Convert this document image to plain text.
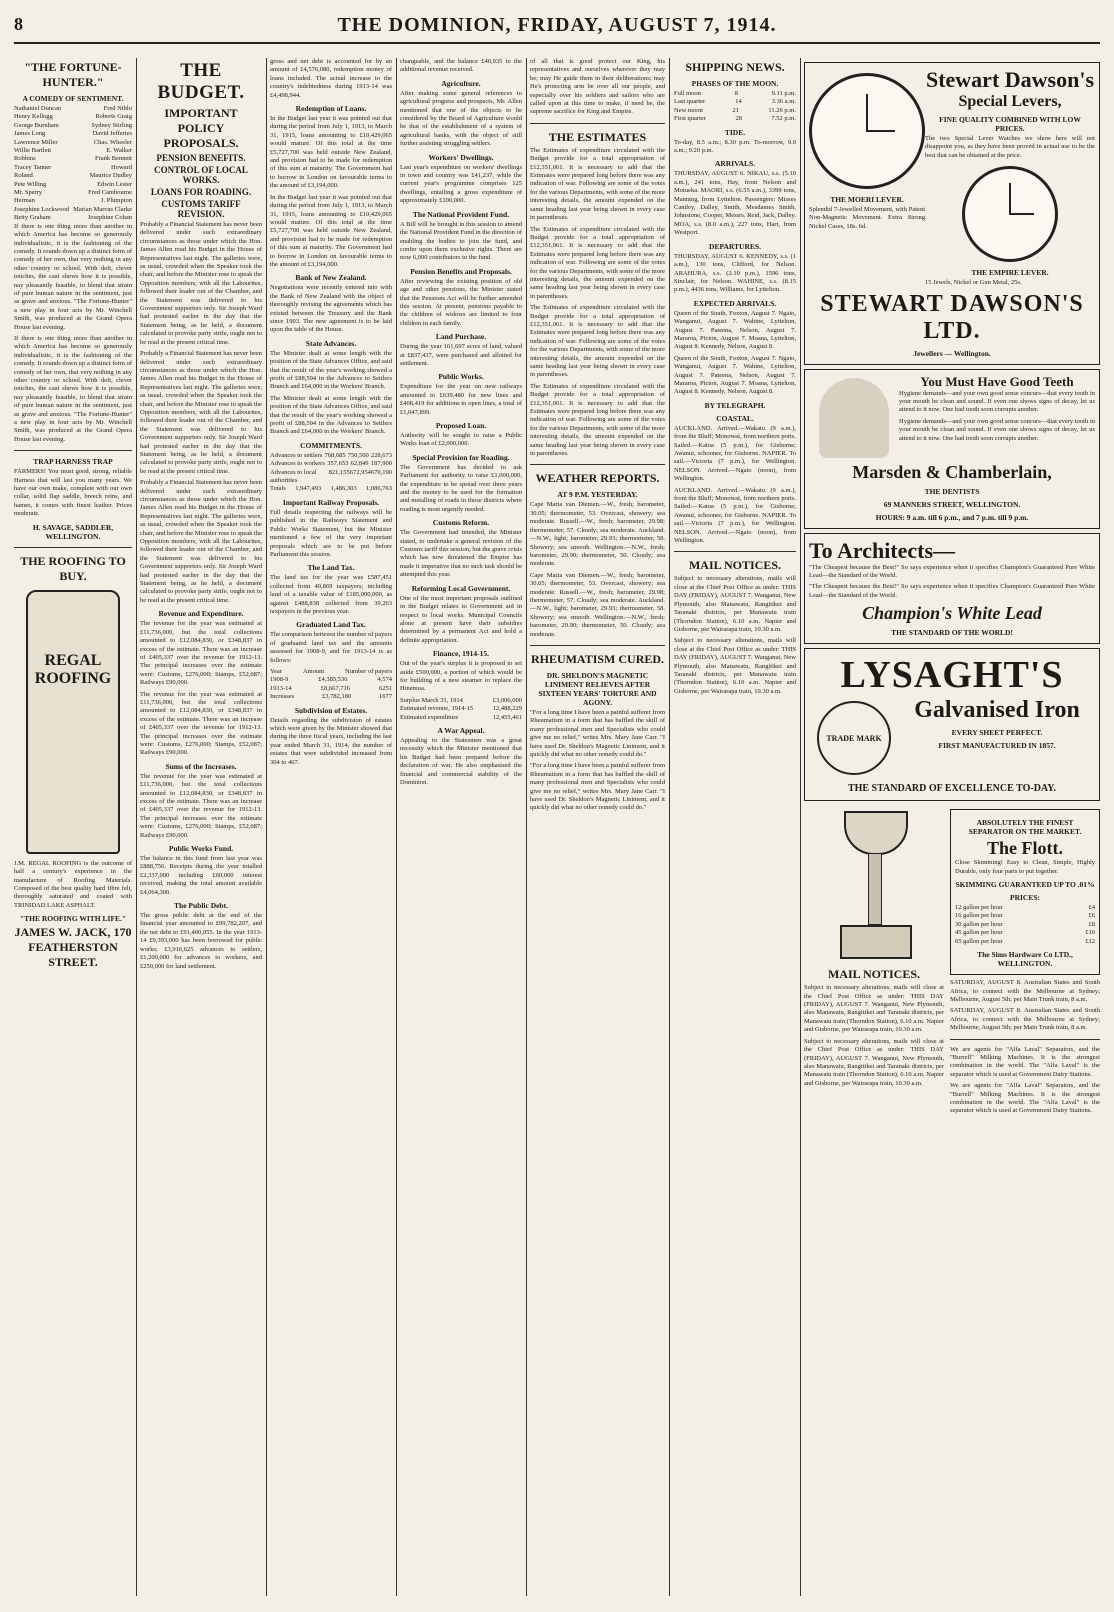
8	THE DOMINION, FRIDAY, AUGUST 7, 1914.
"THE FORTUNE-HUNTER."
A COMEDY OF SENTIMENT.
Nathaniel Duncan	Fred Niblo
Henry Kellogg	Roberts Graig
George Burnham	Sydney Stirling
James Long	David Jefferies
Lawrence Miller	Chas. Wheeler
Willie Bartlett	E. Walker
Robbins	Frank Bennett
Tracey Tanner	Howard
Roland	Maurice Dudley
Pete Willing	Edwin Lester
Mr. Sperry	Fred Cambourne
Herman	J. Plumpton
Josephine Lockwood Marian Marcus Clarke
Betty Graham	Josephine Cohan

If there is one thing more than another in which America has become so generously individualistic, it is the fashioning of the comedy. It rounds down up a distinct form of comedy of her own, that very nothing in any other country or school. With deft, clever touches, the cast shows how it is possible, nay pleasantly feasible, to blend that strain of pure human nature in the sentiment, just as grave and anxious. "The Fortune-Hunter" a new play in four acts by Mr. Winchell Smith, was produced at the Grand Opera House last evening.

If there is one thing more than another in which America has become so generously individualistic, it is the fashioning of the comedy. It rounds down up a distinct form of comedy of her own, that very nothing in any other country or school. With deft, clever touches, the cast shows how it is possible, nay pleasantly feasible, to blend that strain of pure human nature in the sentiment, just as grave and anxious. "The Fortune-Hunter" a new play in four acts by Mr. Winchell Smith, was produced at the Grand Opera House last evening.

TRAP HARNESS TRAP

FARMERS! You must good, strong, reliable Harness that will last you many years. We have our own make, complete with our own collar, solid flap saddle, breech reins, and hames, it comes with finest leather. Prices moderate.

H. SAVAGE, SADDLER, WELLINGTON.
THE ROOFING TO BUY.
REGAL ROOFING

J.M. REGAL ROOFING is the outcome of half a century's experience in the manufacture of Roofing Materials. Composed of the best quality hard fibre felt, thoroughly saturated and coated with TRINIDAD LAKE ASPHALT.

"THE ROOFING WITH LIFE."
JAMES W. JACK, 170 FEATHERSTON STREET.
THE BUDGET.
IMPORTANT POLICY PROPOSALS.
PENSION BENEFITS.
CONTROL OF LOCAL WORKS.
LOANS FOR ROADING.
CUSTOMS TARIFF REVISION.

Probably a Financial Statement has never been delivered under such extraordinary circumstances as those under which the Hon. James Allen read his Budget in the House of Representatives last night. The galleries were, as usual, crowded when the Speaker took the chair, and before the Minister rose to speak the Opposition members, with all the Labourites, followed their leader out of the Chamber, and the Statement was delivered to his Government supporters only. Sir Joseph Ward had protested earlier in the day that the Statement being, as he held, a document calculated to provoke party strife, ought not to be read at the present critical time.

Probably a Financial Statement has never been delivered under such extraordinary circumstances as those under which the Hon. James Allen read his Budget in the House of Representatives last night. The galleries were, as usual, crowded when the Speaker took the chair, and before the Minister rose to speak the Opposition members, with all the Labourites, followed their leader out of the Chamber, and the Statement was delivered to his Government supporters only. Sir Joseph Ward had protested earlier in the day that the Statement being, as he held, a document calculated to provoke party strife, ought not to be read at the present critical time.

Probably a Financial Statement has never been delivered under such extraordinary circumstances as those under which the Hon. James Allen read his Budget in the House of Representatives last night. The galleries were, as usual, crowded when the Speaker took the chair, and before the Minister rose to speak the Opposition members, with all the Labourites, followed their leader out of the Chamber, and the Statement was delivered to his Government supporters only. Sir Joseph Ward had protested earlier in the day that the Statement being, as he held, a document calculated to provoke party strife, ought not to be read at the present critical time.

Revenue and Expenditure.

The revenue for the year was estimated at £11,736,000, but the total collections amounted to £12,084,830, or £348,837 in excess of the estimate. There was an increase of £405,337 over the revenue for 1912-13. The principal increases over the estimate were: Customs, £276,000; Stamps, £52,087; Railways £90,000.

The revenue for the year was estimated at £11,736,000, but the total collections amounted to £12,084,830, or £348,837 in excess of the estimate. There was an increase of £405,337 over the revenue for 1912-13. The principal increases over the estimate were: Customs, £276,000; Stamps, £52,087; Railways £90,000.

Sums of the Increases.

The revenue for the year was estimated at £11,736,000, but the total collections amounted to £12,084,830, or £348,837 in excess of the estimate. There was an increase of £405,337 over the revenue for 1912-13. The principal increases over the estimate were: Customs, £276,000; Stamps, £52,087; Railways £90,000.

Public Works Fund.

The balance in this fund from last year was £888,756. Receipts during the year totalled £2,337,000 including £60,000 interest received, making the total amount available £4,064,300.

The Public Debt.

The gross public debt at the end of the financial year amounted to £99,782,207, and the net debt to £91,400,055. In the year 1913-14 £9,393,000 has been borrowed for public works; £3,916,625 advances to settlers, £1,200,000 for advances to workers, and £250,000 for land settlement.

gross and net debt is accounted for by an amount of £4,576,080, redemption money of loans included. The actual increase to the country's indebtedness during 1913-14 was £4,498,944.

Redemption of Loans.

In the Budget last year it was pointed out that during the period from July 1, 1913, to March 31, 1915, loans amounting to £10,429,065 would mature. Of this total at the time £5,727,700 was held outside New Zealand, and provision had to be made for redemption of this sum at maturity. The Government had to borrow in London on favourable terms to the amount of £3,194,000.

In the Budget last year it was pointed out that during the period from July 1, 1913, to March 31, 1915, loans amounting to £10,429,065 would mature. Of this total at the time £5,727,700 was held outside New Zealand, and provision had to be made for redemption of this sum at maturity. The Government had to borrow in London on favourable terms to the amount of £3,194,000.

Bank of New Zealand.

Negotiations were recently entered into with the Bank of New Zealand with the object of thoroughly revising the agreements which has existed between the Treasury and the Bank since 1903. The new agreement is to be laid upon the table of the House.

State Advances.

The Minister dealt at some length with the position of the State Advances Office, and said that the result of the year's working showed a profit of £88,594 in the Advances to Settlers Branch and £64,000 in the Workers' Branch.

The Minister dealt at some length with the position of the State Advances Office, and said that the result of the year's working showed a profit of £88,594 in the Advances to Settlers Branch and £64,000 in the Workers' Branch.

COMMITMENTS.
Advances to settlers 768,685 750,500 228,673
Advances to workers 357,653 62,849 187,900
Advances to local authorities
821,155 672,954 670,190
Totals 1,947,493 1,486,303 1,086,763
Important Railway Proposals.

Full details respecting the railways will be published in the Railways Statement and Public Works Statement, but the Minister mentioned a few of the very important proposals which are to be put before Parliament this session.

The Land Tax.

The land tax for the year was £587,451 collected from 40,869 taxpayers; including land of a taxable value of £185,000,000, as against £488,838 collected from 39,263 taxpayers in the previous year.

Graduated Land Tax.

The comparison between the number of payers of graduated land tax and the amounts assessed for 1908-9, and for 1913-14 is as follows:

Year	Amount	Number of payers
1908-9	£4,385,536	4,574
1913-14	£8,667,716	6251
Increases	£3,782,180	1677
Subdivision of Estates.

Details regarding the subdivision of estates which were given by the Minister showed that during the three fiscal years, including the last year ended March 31, 1914, the number of estates that were subdivided increased from 304 to 467.

changeable, and the balance £40,935 to the additional revenue received.

Agriculture.

After making some general references to agricultural progress and prospects, Mr. Allen mentioned that one of the objects to be considered by the Board of Agriculture would be that of the establishment of a system of agricultural banks, with the object of still further assisting struggling settlers.

Workers' Dwellings.

Last year's expenditure on workers' dwellings in town and country was £41,237, while the current year's programme comprises 125 dwellings, entailing a gross expenditure of approximately £100,000.

The National Provident Fund.

A Bill will be brought in this session to amend the National Provident Fund in the direction of enabling the bodies to join the fund, and confer upon them exclusive rights. There are now 6,000 contributors to the fund.

Pension Benefits and Proposals.

After reviewing the existing position of old age and other pensions, the Minister stated that the Pensions Act will be further amended this session. At present, pensions payable to the children of widows are limited to four children in each family.

Land Purchase.

During the year 161,697 acres of land, valued at £837,437, were purchased and allotted for settlement.

Public Works.

Expenditure for the year on new railways amounted to £639,480 for new lines and £408,419 for additions to open lines, a total of £1,047,899.

Proposed Loan.

Authority will be sought to raise a Public Works loan of £2,000,000.

Special Provision for Roading.

The Government has decided to ask Parliament for authority to raise £1,000,000, the expenditure to be spread over three years and the money to be used for the formation and metalling of roads in those districts where roading is most urgently needed.

Customs Reform.

The Government had intended, the Minister stated, to undertake a general revision of the Customs tariff this session, but the grave crisis which has now threatened the Empire has made it imperative that no such task should be attempted this year.

Reforming Local Government.

One of the most important proposals outlined in the Budget relates to Government aid in respect to local works. Municipal Councils alone at present have their subsidies determined by a permanent Act and hold a definite appropriation.

Finance, 1914-15.

Out of the year's surplus it is proposed to set aside £500,000, a portion of which would be for building of a new steamer to replace the Hinemoa.

Surplus March 31, 1914	£3,006,000
Estimated revenue, 1914-15	12,488,229
Estimated expenditure	12,455,461
A War Appeal.

Appealing to the Statesmen was a great necessity which the Minister mentioned that his Budget had been prepared before the declaration of war. He also emphasised the financial and commercial stability of the Dominion.

of all that is good protect our King, his representatives and ourselves wherever they may be; may He guide them in their deliberations; may He's protecting arm be over all our people, and especially over his soldiers and sailors who are called upon at this time to make, if need be, the supreme sacrifice for King and Empire.

THE ESTIMATES

The Estimates of expenditure circulated with the Budget provide for a total appropriation of £12,351,061. It is necessary to add that the Estimates were prepared long before there was any indication of war. Following are some of the votes for the various Departments, with some of the more interesting details, the amount expended on the same heading last year being shown in every case in parentheses.

The Estimates of expenditure circulated with the Budget provide for a total appropriation of £12,351,061. It is necessary to add that the Estimates were prepared long before there was any indication of war. Following are some of the votes for the various Departments, with some of the more interesting details, the amount expended on the same heading last year being shown in every case in parentheses.

The Estimates of expenditure circulated with the Budget provide for a total appropriation of £12,351,061. It is necessary to add that the Estimates were prepared long before there was any indication of war. Following are some of the votes for the various Departments, with some of the more interesting details, the amount expended on the same heading last year being shown in every case in parentheses.

The Estimates of expenditure circulated with the Budget provide for a total appropriation of £12,351,061. It is necessary to add that the Estimates were prepared long before there was any indication of war. Following are some of the votes for the various Departments, with some of the more interesting details, the amount expended on the same heading last year being shown in every case in parentheses.

WEATHER REPORTS.
AT 9 P.M. YESTERDAY.

Cape Maria van Diemen.—W., fresh; barometer, 30.05; thermometer, 53. Overcast, showery; sea moderate. Russell.—W., fresh; barometer, 29.98; thermometer, 57. Cloudy; sea moderate. Auckland.—N.W., light; barometer, 29.93; thermometer, 58. Showery; sea smooth. Wellington.—N.W., fresh; barometer, 29.90; thermometer, 50. Cloudy; sea moderate.

Cape Maria van Diemen.—W., fresh; barometer, 30.05; thermometer, 53. Overcast, showery; sea moderate. Russell.—W., fresh; barometer, 29.98; thermometer, 57. Cloudy; sea moderate. Auckland.—N.W., light; barometer, 29.93; thermometer, 58. Showery; sea smooth. Wellington.—N.W., fresh; barometer, 29.90; thermometer, 50. Cloudy; sea moderate.

RHEUMATISM CURED.
DR. SHELDON'S MAGNETIC LINIMENT RELIEVES AFTER SIXTEEN YEARS' TORTURE AND AGONY.

"For a long time I have been a painful sufferer from Rheumatism in a form that has baffled the skill of many professional men and Specialists who could give me no relief," writes Mrs. Mary Jane Carr. "I have used Dr. Sheldon's Magnetic Liniment, and it quickly did what no other remedy could do."

"For a long time I have been a painful sufferer from Rheumatism in a form that has baffled the skill of many professional men and Specialists who could give me no relief," writes Mrs. Mary Jane Carr. "I have used Dr. Sheldon's Magnetic Liniment, and it quickly did what no other remedy could do."

SHIPPING NEWS.
PHASES OF THE MOON.
Full moon	8	9.11 p.m.
Last quarter	14	3.36 a.m.
New moon	21	11.26 p.m.
First quarter	28	7.52 p.m.
TIDE.

To-day, 8.5 a.m.; 8.30 p.m. To-morrow, 9.0 a.m.; 9.20 p.m.

ARRIVALS.

THURSDAY, AUGUST 6. NIKAU, s.s. (5.10 a.m.), 241 tons, Hay, from Nelson and Motueka. MAORI, s.s. (6.55 a.m.), 3399 tons, Manning, from Lyttelton. Passengers: Misses Cantley, Dalley, Smith, Mesdames Smith, Johnstone, Cooper, Messrs. Reid, Jack, Dalley. MOA, s.s. (8.0 a.m.), 227 tons, Hart, from Westport.

DEPARTURES.

THURSDAY, AUGUST 6. KENNEDY, s.s. (1 a.m.), 130 tons, Clifford, for Nelson. ARAHURA, s.s. (2.10 p.m.), 1596 tons, Sinclair, for Nelson. WAHINE, s.s. (8.15 p.m.), 4436 tons, Williams, for Lyttelton.

EXPECTED ARRIVALS.

Queen of the South, Foxton, August 7. Ngaio, Wanganui, August 7. Wahine, Lyttelton, August 7. Pateena, Nelson, August 7. Mararoa, Picton, August 7. Moana, Lyttelton, August 8. Kennedy, Nelson, August 8.

Queen of the South, Foxton, August 7. Ngaio, Wanganui, August 7. Wahine, Lyttelton, August 7. Pateena, Nelson, August 7. Mararoa, Picton, August 7. Moana, Lyttelton, August 8. Kennedy, Nelson, August 8.

BY TELEGRAPH.
COASTAL.

AUCKLAND. Arrived.—Wakatu (9 a.m.), from the Bluff; Monowai, from northern ports. Sailed.—Katoa (5 p.m.), for Gisborne; Awanui, schooner, for Gisborne. NAPIER. To sail.—Victoria (7 p.m.), for Wellington. NELSON. Arrived.—Ngaio (noon), from Wellington.

AUCKLAND. Arrived.—Wakatu (9 a.m.), from the Bluff; Monowai, from northern ports. Sailed.—Katoa (5 p.m.), for Gisborne; Awanui, schooner, for Gisborne. NAPIER. To sail.—Victoria (7 p.m.), for Wellington. NELSON. Arrived.—Ngaio (noon), from Wellington.

MAIL NOTICES.

Subject to necessary alterations, mails will close at the Chief Post Office as under: THIS DAY (FRIDAY), AUGUST 7. Wanganui, New Plymouth, also Manawatu, Rangitikei and Taranaki districts, per Manawatu train (Thorndon Station), 6.10 a.m. Napier and Gisborne, per Wairarapa train, 10.30 a.m.

Subject to necessary alterations, mails will close at the Chief Post Office as under: THIS DAY (FRIDAY), AUGUST 7. Wanganui, New Plymouth, also Manawatu, Rangitikei and Taranaki districts, per Manawatu train (Thorndon Station), 6.10 a.m. Napier and Gisborne, per Wairarapa train, 10.30 a.m.

THE MOERI LEVER.

Splendid 7-Jewelled Movement, with Patent Non-Magnetic Movement. Extra Strong Nickel Cases, 18s. 6d.

Stewart Dawson's
Special Levers,
FINE QUALITY COMBINED WITH LOW PRICES.

The two Special Lever Watches we show here will not disappoint you, as they have been proved in actual use to be the best that can be obtained at the price.

THE EMPIRE LEVER.

15 Jewels, Nickel or Gun Metal, 25s.

STEWART DAWSON'S LTD.
Jewellers — Wellington.
You Must Have Good Teeth

Hygiene demands—and your own good sense concurs—that every tooth in your mouth be clean and sound. If even one shows signs of decay, let us attend to it now. One bad tooth soon corrupts another.

Hygiene demands—and your own good sense concurs—that every tooth in your mouth be clean and sound. If even one shows signs of decay, let us attend to it now. One bad tooth soon corrupts another.

Marsden & Chamberlain,
THE DENTISTS
69 MANNERS STREET, WELLINGTON.
HOURS: 9 a.m. till 6 p.m., and 7 p.m. till 9 p.m.
To Architects—

"The Cheapest because the Best!" So says experience when it specifies Champion's Guaranteed Pure White Lead—the Standard of the World.

"The Cheapest because the Best!" So says experience when it specifies Champion's Guaranteed Pure White Lead—the Standard of the World.

Champion's White Lead
THE STANDARD OF THE WORLD!
LYSAGHT'S
TRADE MARK
Galvanised Iron
EVERY SHEET PERFECT.
FIRST MANUFACTURED IN 1857.
THE STANDARD OF EXCELLENCE TO-DAY.
MAIL NOTICES.

Subject to necessary alterations, mails will close at the Chief Post Office as under: THIS DAY (FRIDAY), AUGUST 7. Wanganui, New Plymouth, also Manawatu, Rangitikei and Taranaki districts, per Manawatu train (Thorndon Station), 6.10 a.m. Napier and Gisborne, per Wairarapa train, 10.30 a.m.

Subject to necessary alterations, mails will close at the Chief Post Office as under: THIS DAY (FRIDAY), AUGUST 7. Wanganui, New Plymouth, also Manawatu, Rangitikei and Taranaki districts, per Manawatu train (Thorndon Station), 6.10 a.m. Napier and Gisborne, per Wairarapa train, 10.30 a.m.

ABSOLUTELY THE FINEST SEPARATOR ON THE MARKET.
The Flott.

Close Skimming! Easy to Clean, Simple, Highly Durable, only four parts to put together.

SKIMMING GUARANTEED UP TO .01%
PRICES:
12 gallon per hour	£4
16 gallon per hour	£6
30 gallon per hour	£8
45 gallon per hour	£10
65 gallon per hour	£12
The Sims Hardware Co LTD., WELLINGTON.

SATURDAY, AUGUST 8. Australian States and South Africa, to connect with the Melbourne at Sydney; Melbourne, August 5th; per Main Trunk train, 8 a.m.

SATURDAY, AUGUST 8. Australian States and South Africa, to connect with the Melbourne at Sydney; Melbourne, August 5th; per Main Trunk train, 8 a.m.

We are agents for "Alfa Laval" Separators, and the "Burrell" Milking Machines. It is the strongest combination in the world. The "Alfa Laval" is the separator which is used at Government Dairy Stations.

We are agents for "Alfa Laval" Separators, and the "Burrell" Milking Machines. It is the strongest combination in the world. The "Alfa Laval" is the separator which is used at Government Dairy Stations.
